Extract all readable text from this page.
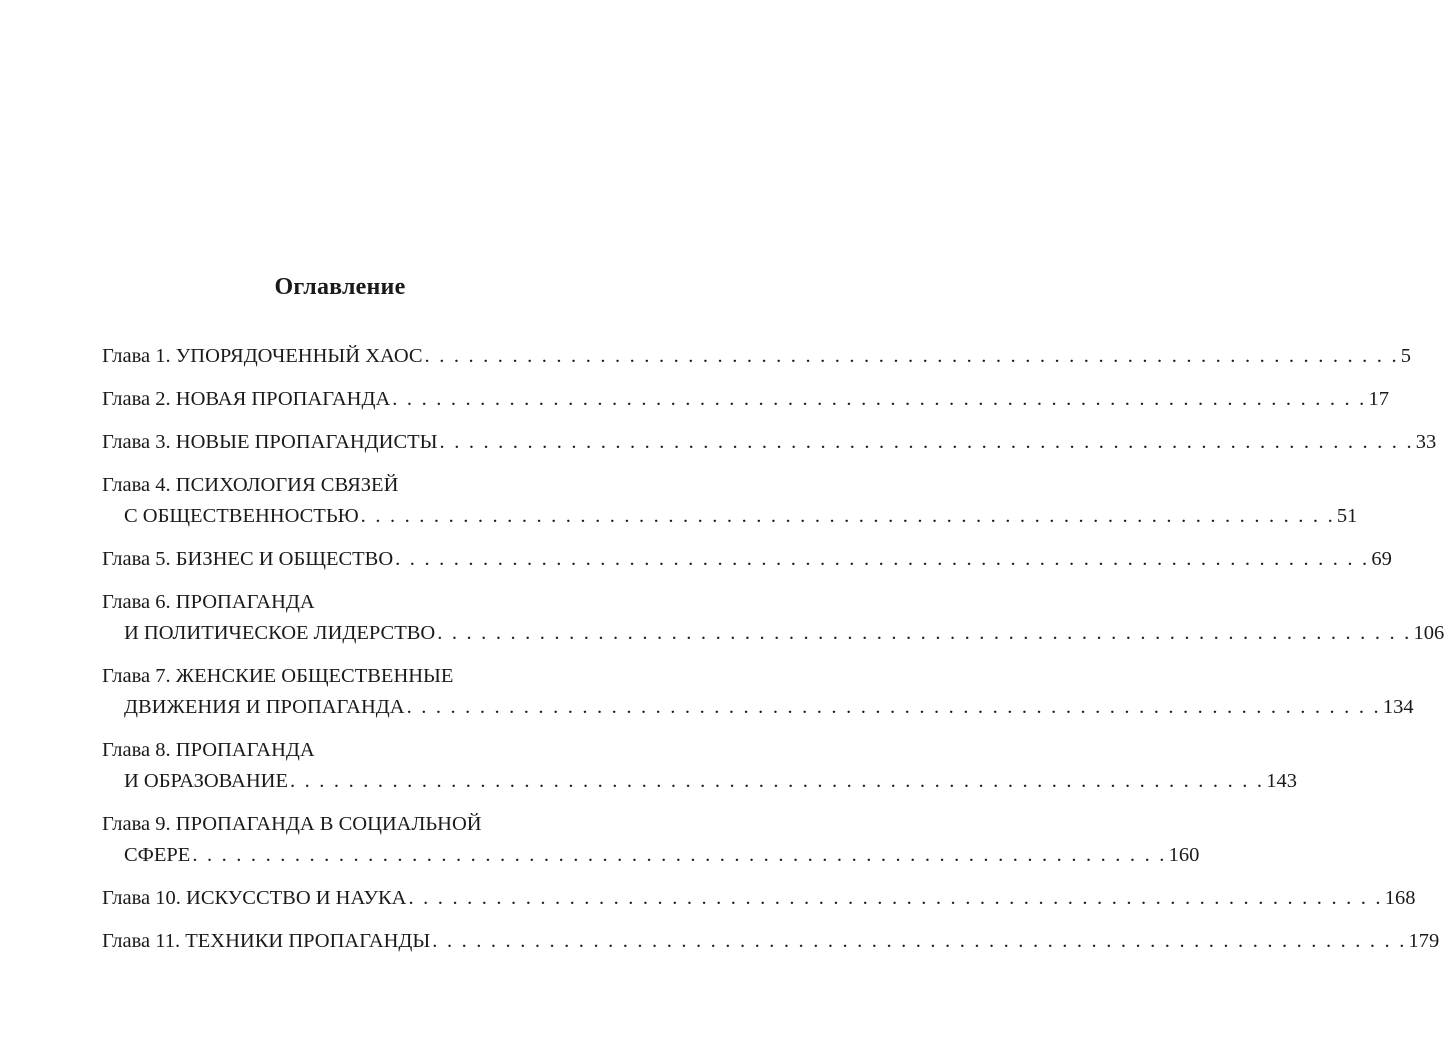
Оглавление
Глава 1. УПОРЯДОЧЕННЫЙ ХАОС . . . . . . . . . . . . . . . . . . . . . . . . . . . . . . . . . . . . . . . . . . . . . . . . . . . . . . . . . . . . . . . . . . . 5
Глава 2. НОВАЯ ПРОПАГАНДА . . . . . . . . . . . . . . . . . . . . . . . . . . . . . . . . . . . . . . . . . . . . . . . . . . . . . . . . . . . . . . . . . . . 17
Глава 3. НОВЫЕ ПРОПАГАНДИСТЫ . . . . . . . . . . . . . . . . . . . . . . . . . . . . . . . . . . . . . . . . . . . . . . . . . . . . . . . . . . . . . . . . . . . 33
Глава 4. ПСИХОЛОГИЯ СВЯЗЕЙ
С ОБЩЕСТВЕННОСТЬЮ . . . . . . . . . . . . . . . . . . . . . . . . . . . . . . . . . . . . . . . . . . . . . . . . . . . . . . . . . . . . . . . . . . . 51
Глава 5. БИЗНЕС И ОБЩЕСТВО . . . . . . . . . . . . . . . . . . . . . . . . . . . . . . . . . . . . . . . . . . . . . . . . . . . . . . . . . . . . . . . . . . . 69
Глава 6. ПРОПАГАНДА
И ПОЛИТИЧЕСКОЕ ЛИДЕРСТВО . . . . . . . . . . . . . . . . . . . . . . . . . . . . . . . . . . . . . . . . . . . . . . . . . . . . . . . . . . . . . . . . . . . 106
Глава 7. ЖЕНСКИЕ ОБЩЕСТВЕННЫЕ
ДВИЖЕНИЯ И ПРОПАГАНДА . . . . . . . . . . . . . . . . . . . . . . . . . . . . . . . . . . . . . . . . . . . . . . . . . . . . . . . . . . . . . . . . . . . 134
Глава 8. ПРОПАГАНДА
И ОБРАЗОВАНИЕ . . . . . . . . . . . . . . . . . . . . . . . . . . . . . . . . . . . . . . . . . . . . . . . . . . . . . . . . . . . . . . . . . . . 143
Глава 9. ПРОПАГАНДА В СОЦИАЛЬНОЙ
СФЕРЕ . . . . . . . . . . . . . . . . . . . . . . . . . . . . . . . . . . . . . . . . . . . . . . . . . . . . . . . . . . . . . . . . . . . 160
Глава 10. ИСКУССТВО И НАУКА . . . . . . . . . . . . . . . . . . . . . . . . . . . . . . . . . . . . . . . . . . . . . . . . . . . . . . . . . . . . . . . . . . . 168
Глава 11. ТЕХНИКИ ПРОПАГАНДЫ . . . . . . . . . . . . . . . . . . . . . . . . . . . . . . . . . . . . . . . . . . . . . . . . . . . . . . . . . . . . . . . . . . . 179
